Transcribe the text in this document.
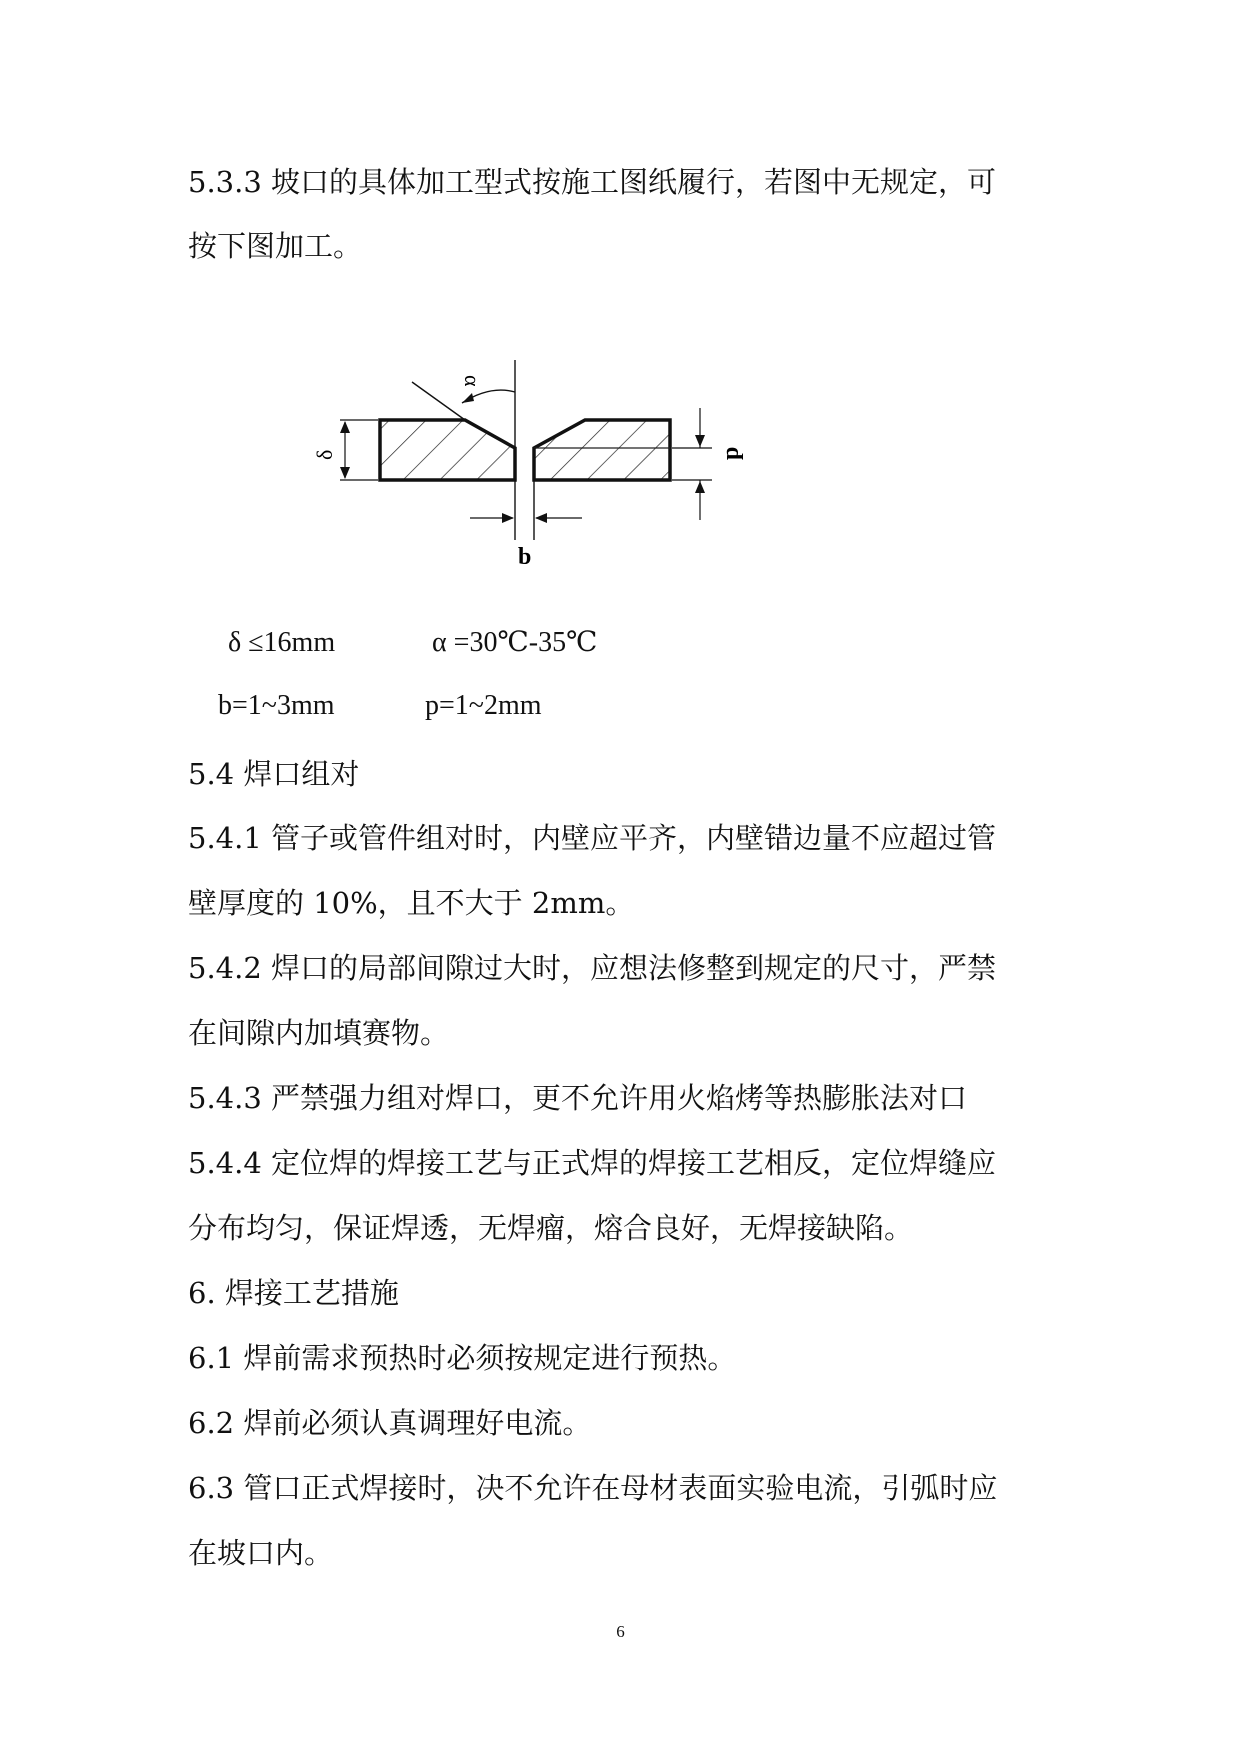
5.3.3 坡口的具体加工型式按施工图纸履行，若图中无规定，可
按下图加工。
α
δ	p
b
δ ≤16mm	α =30℃-35℃
b=1~3mm	p=1~2mm
5.4 焊口组对
5.4.1 管子或管件组对时，内壁应平齐，内壁错边量不应超过管
壁厚度的 10%，且不大于 2mm。
5.4.2 焊口的局部间隙过大时，应想法修整到规定的尺寸，严禁
在间隙内加填赛物。
5.4.3 严禁强力组对焊口，更不允许用火焰烤等热膨胀法对口
5.4.4 定位焊的焊接工艺与正式焊的焊接工艺相反，定位焊缝应
分布均匀，保证焊透，无焊瘤，熔合良好，无焊接缺陷。
6. 焊接工艺措施
6.1 焊前需求预热时必须按规定进行预热。
6.2 焊前必须认真调理好电流。
6.3 管口正式焊接时，决不允许在母材表面实验电流，引弧时应
在坡口内。
6
